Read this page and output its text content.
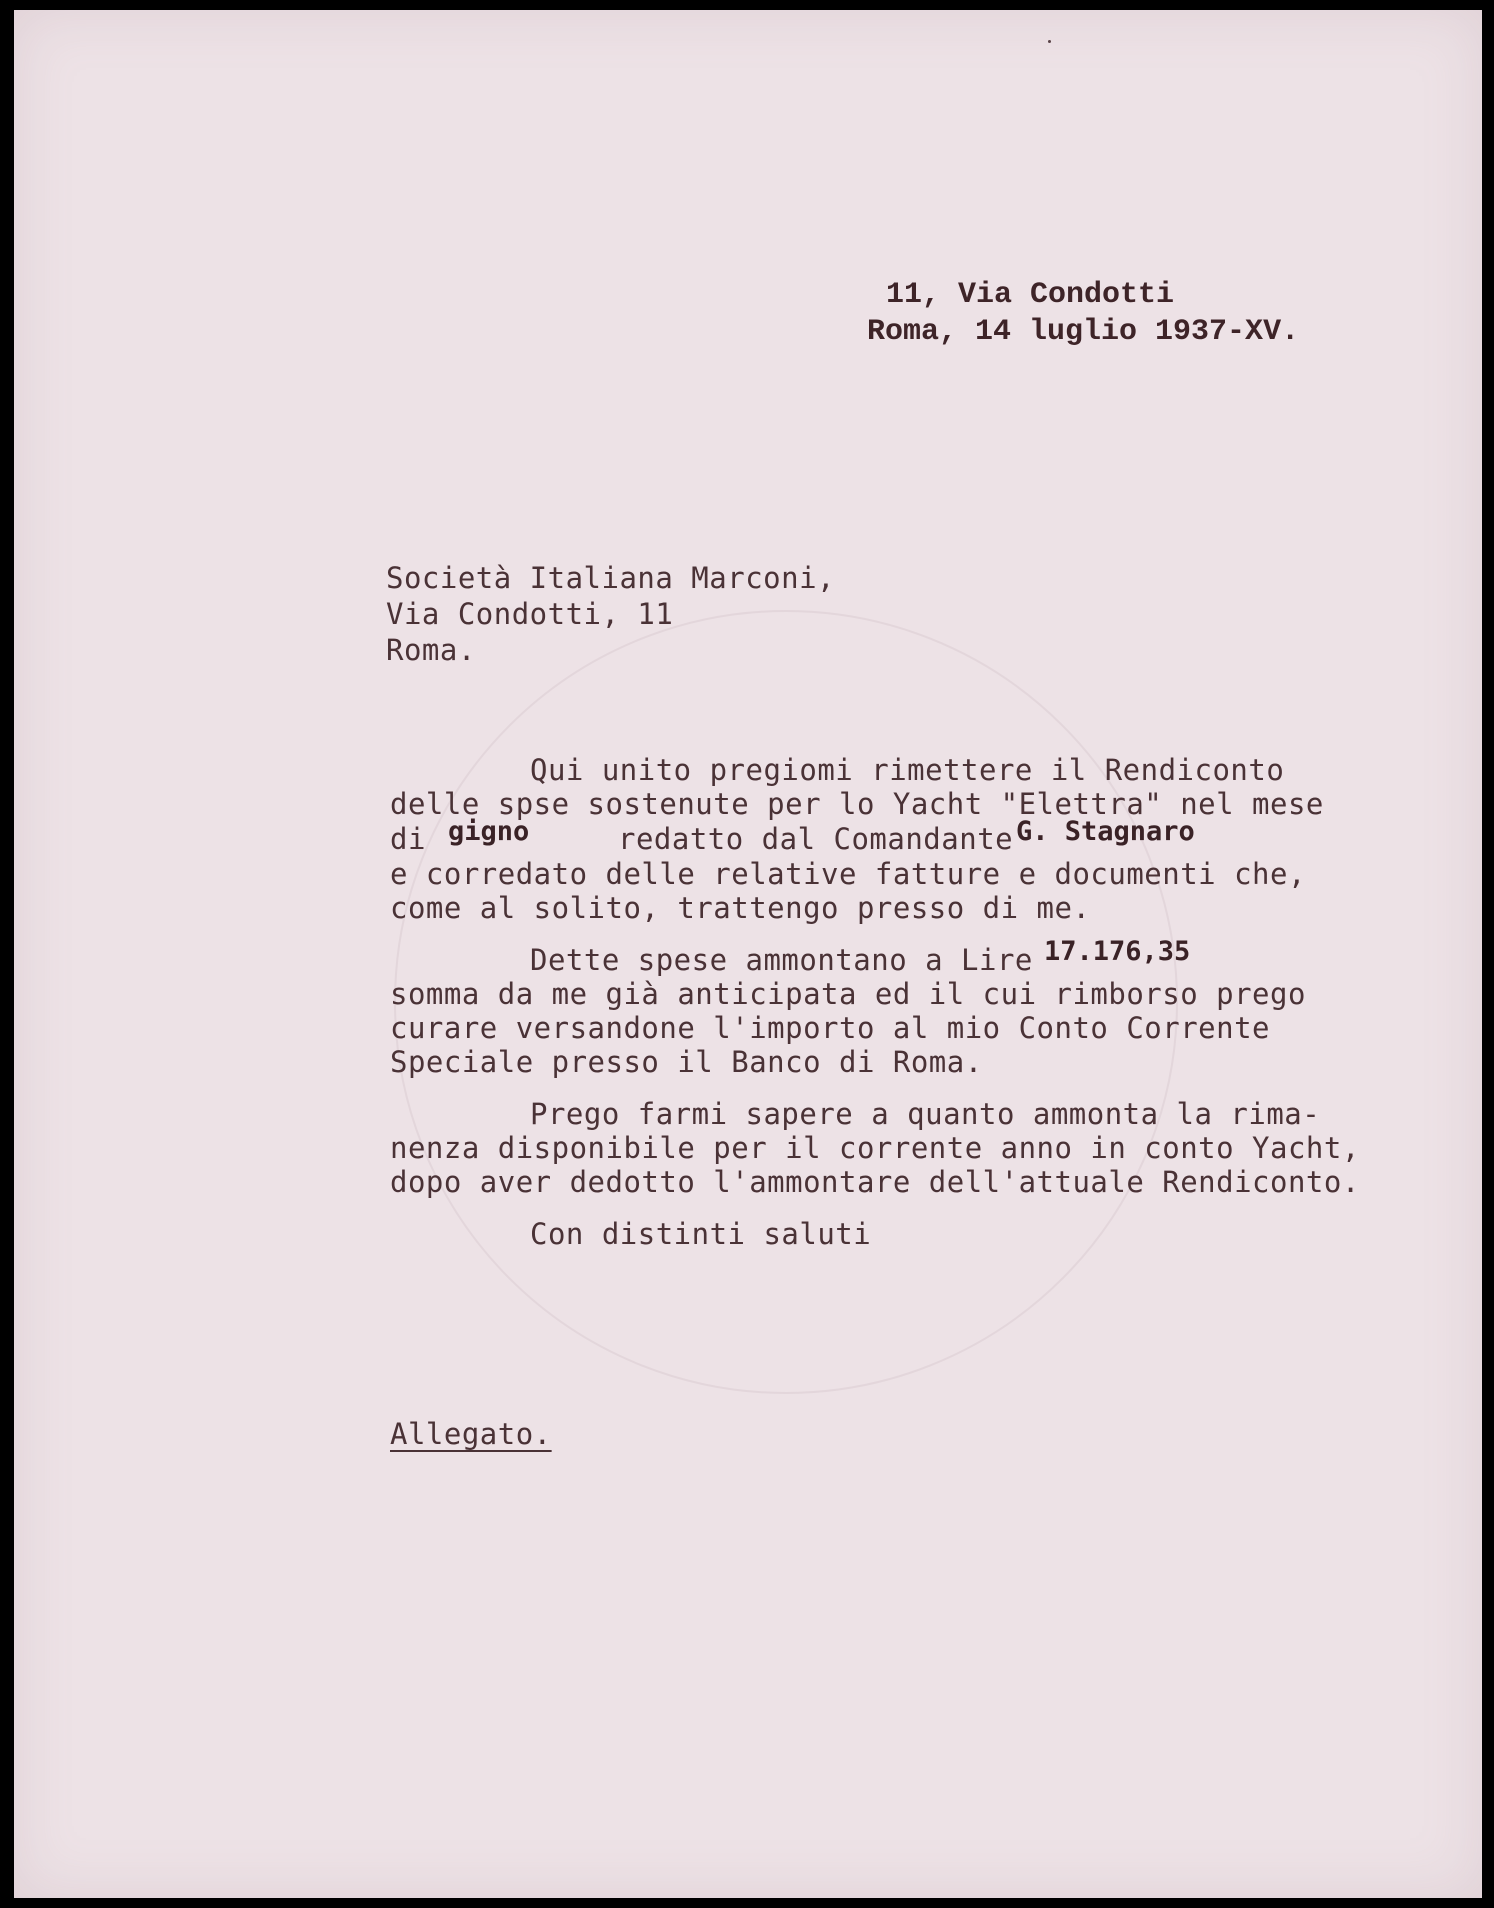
11, Via Condotti
Roma, 14 luglio 1937-XV.
Società Italiana Marconi,
Via Condotti, 11
Roma.
Qui unito pregiomi rimettere il Rendiconto
delle spse sostenute per lo Yacht "Elettra" nel mese
di gigno	redatto dal Comandante G. Stagnaro
e corredato delle relative fatture e documenti che,
come al solito, trattengo presso di me.
Dette spese ammontano a Lire 17.176,35
somma da me già anticipata ed il cui rimborso prego
curare versandone l'importo al mio Conto Corrente
Speciale presso il Banco di Roma.
Prego farmi sapere a quanto ammonta la rima-
nenza disponibile per il corrente anno in conto Yacht,
dopo aver dedotto l'ammontare dell'attuale Rendiconto.
Con distinti saluti
Allegato.
